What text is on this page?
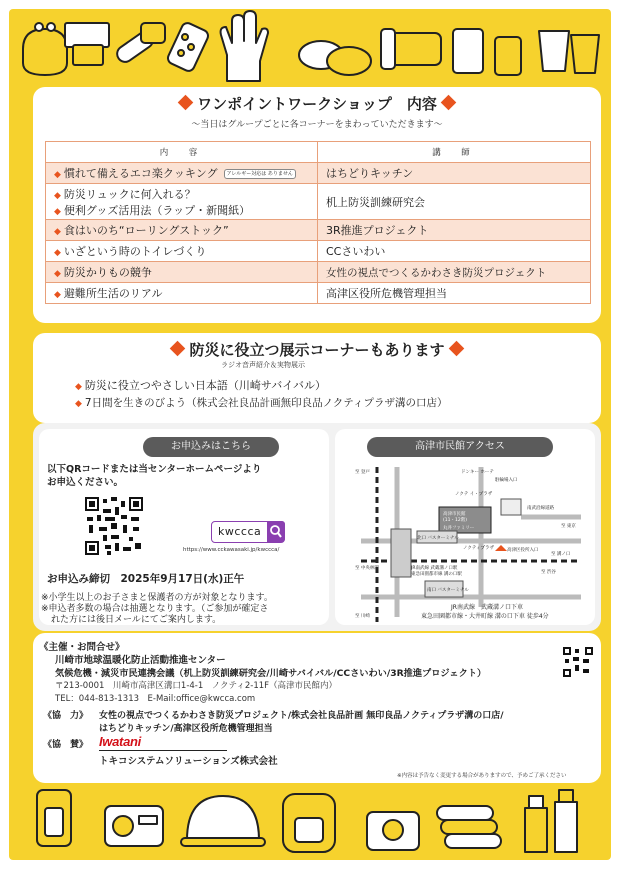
ワンポイントワークショップ　内容
〜当日はグループごとに各コーナーをまわっていただきます〜
内　容	講　師
◆ 慣れて備えるエコ楽クッキング アレルギー対応は ありません	はちどりキッチン

◆ 防災リュックに何入れる？
◆ 便利グッズ活用法（ラップ・新聞紙）	机上防災訓練研究会
◆ 食はいのち“ローリングストック”	3R推進プロジェクト
◆ いざという時のトイレづくり	CCさいわい
◆ 防災かりもの競争	女性の視点でつくるかわさき防災プロジェクト
◆ 避難所生活のリアル	高津区役所危機管理担当
防災に役立つ展示コーナーもあります
ラジオ音声紹介＆実物展示
◆ 防災に役立つやさしい日本語（川崎サバイバル）
◆ 7日間を生きのびよう（株式会社良品計画無印良品ノクティプラザ溝の口店）
お申込みはこちら
以下QRコードまたは当センターホームページより
お申込ください。
kwccca
https://www.cckawasaki.jp/kwccca/
お申込み締切　2025年9月17日(水)正午
※小学生以上のお子さまと保護者の方が対象となります。
※申込者多数の場合は抽選となります。（ご参加が確定さ
れた方には後日メールにてご案内します。
高津市民館アクセス
ドンキー ホーテ
駐輪場入口
ノクテ イ・プラザ
高津市民館
(11・12階)
丸井ファミリー
ノクティプラザ
南武沿線道路
至 東京
高津区役所入口
至 溝ノ口
北口 バスターミナル
JR南武線 武蔵溝ノ口駅
東急田園都市線 溝の口駅
南口 バスターミナル
至 登戸
至 渋谷
至 中央林間
至 川崎
JR南武線　武蔵溝ノ口下車
東急田園都市線・大井町線 溝の口下車 徒歩4分
《主催・お問合せ》
川崎市地球温暖化防止活動推進センター
気候危機・減災市民連携会議（机上防災訓練研究会/川崎サバイバル/CCさいわい/3R推進プロジェクト）
〒213-0001　川崎市高津区溝口1-4-1　ノクティ2-11F（高津市民館内）
TEL：044-813-1313　E-Mail:office@kwcca.com
《協　力》 女性の視点でつくるかわさき防災プロジェクト/株式会社良品計画 無印良品ノクティプラザ溝の口店/
はちどりキッチン/高津区役所危機管理担当
《協　賛》 Iwatani
トキコシステムソリューションズ株式会社
※内容は予告なく変更する場合がありますので、予めご了承ください
